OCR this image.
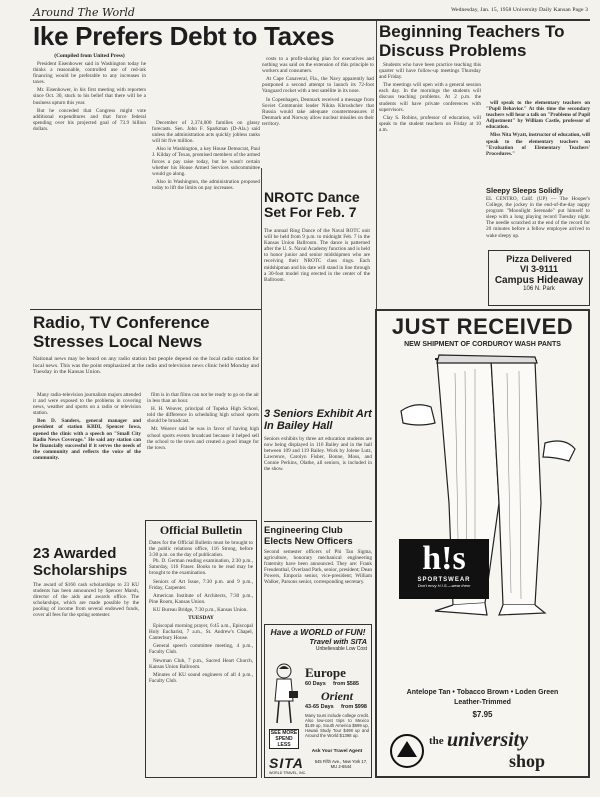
Around The World	Wednesday, Jan. 15, 1958 University Daily Kansan Page 3
Ike Prefers Debt to Taxes
(Compiled from United Press)

President Eisenhower said in Washington today he thinks a reasonable, controlled use of red-ink financing would be preferable to any increases in taxes.

Mr. Eisenhower, in his first meeting with reporters since Oct. 30, stuck to his belief that there will be a business upturn this year.

But he conceded that Congress might vote additional expenditures and that force federal spending over his projected goal of 73.9 billion dollars.

December of 2,374,000 families on glassy forecasts. Sen. John F. Sparkman (D-Ala.) said unless the administration acts quickly jobless ranks will hit five million.

Also in Washington, a key House Democrat, Paul J. Kilday of Texas, promised members of the armed forces a pay raise today, but he wasn't certain whether his House Armed Services subcommittee would go along.

Also in Washington, the administration proposed today to lift the limits on pay increases.

costs to a profit-sharing plan for executives and nothing was said on the extension of this principle to workers and consumers.

At Cape Canaveral, Fla., the Navy apparently had postponed a second attempt to launch its 72-foot Vanguard rocket with a test satellite in its nose.

In Copenhagen, Denmark received a message from Soviet Communist leader Nikita Khrushchev that Russia would take adequate countermeasures if Denmark and Norway allow nuclear missiles on their territory.

Beginning Teachers To Discuss Problems

Students who have been practice teaching this quarter will have follow-up meetings Thursday and Friday.

The meetings will open with a general session each day. In the mornings the students will discuss teaching problems. At 2 p.m. the students will have private conferences with supervisors.

Clay S. Robins, professor of education, will speak to the student teachers on Friday at 10 a.m.

will speak to the elementary teachers on "Pupil Behavior." At this time the secondary teachers will hear a talk on "Problems of Pupil Adjustment" by William Castle, professor of education.

Miss Nita Wyatt, instructor of education, will speak to the elementary teachers on "Evaluation of Elementary Teachers' Procedures."

Sleepy Sleeps Solidly
EL CENTRO, Calif. (UP) — The Hooper's College, the jockey in the end-of-the-day nappy program "Moonlight Serenade" put himself to sleep with a long playing record Tuesday night. The needle scratched at the end of the record for 20 minutes before a fellow employee arrived to wake sleepy up.
Pizza Delivered
VI 3-9111
Campus Hideaway
106 N. Park
NROTC Dance Set For Feb. 7
The annual Ring Dance of the Naval ROTC unit will be held from 9 p.m. to midnight Feb. 7 in the Kansas Union Ballroom. The dance is patterned after the U. S. Naval Academy function and is held to honor junior and senior midshipmen who are receiving their NROTC class rings. Each midshipman and his date will stand in line through a 30-foot model ring erected in the center of the Ballroom.
Radio, TV Conference Stresses Local News
National news may be heard on any radio station but people depend on the local radio station for local news. This was the point emphasized at the radio and television news clinic held Monday and Tuesday in the Kansas Union.

Many radio-television journalism majors attended it and were exposed to the problems in covering news, weather and sports on a radio or television station.

Ben D. Sanders, general manager and president of station KBDI, Spencer Iowa, opened the clinic with a speech on "Small City Radio News Coverage." He said any station can be financially successful if it serves the needs of the community and reflects the voice of the community.

film is in that films can not be ready to go on the air in less than an hour.

H. H. Weaver, principal of Topeka High School, told the difference in scheduling high school sports should be broadcast.

Mr. Weaver said he was in favor of having high school sports events broadcast because it helped sell the school to the town and created a good image for the town.

23 Awarded Scholarships
The award of $160 cash scholarships to 23 KU students has been announced by Spencer Marsh, director of the aids and awards office. The scholarships, which are made possible by the pooling of income from several endowed funds, cover all fees for the spring semester.
Official Bulletin
Dates for the Official Bulletin must be brought to the public relations office, 116 Strong, before 3:30 p.m. on the day of publication.

Ph. D. German reading examination, 2:30 p.m., Saturday, 116 Fraser. Books to be read may be brought to the examination.

Seniors of Art Issue, 7:30 p.m. and 9 p.m., Friday, Carpenter.

American Institute of Architects, 7:30 p.m., Pine Room, Kansas Union.

KU Bureau Bridge, 7:30 p.m., Kansas Union.

TUESDAY

Episcopal morning prayer, 6:45 a.m., Episcopal Holy Eucharist, 7 a.m., St. Andrew's Chapel, Canterbury House.

General speech committee meeting, 4 p.m., Faculty Club.

Newman Club, 7 p.m., Sacred Heart Church, Kansas Union Ballroom.

Minutes of KU sound engineers of all 4 p.m., Faculty Club.

3 Seniors Exhibit Art In Bailey Hall
Seniors exhibits by three art education students are now being displayed in 116 Bailey and in the hall between 109 and 119 Bailey. Work by Jolene Lutz, Lawrence, Carolyn Fisher, Bonne, Moss, and Connie Perkins, Olathe, all seniors, is included in the show.
Engineering Club Elects New Officers
Second semester officers of Phi Tau Sigma, agriculture, honorary mechanical engineering fraternity have been announced. They are: Frank Freudenthal, Overland Park, senior, president; Dean Powers, Emporia senior, vice-president; William Walker, Parsons senior, corresponding secretary.
Have a WORLD of FUN!
Travel with SITA
Unbelievable Low Cost
Europe
60 Days from $585
Orient
43-65 Days from $998
SEE MORE SPEND LESS
Many tours include college credit. Also low-cost trips to Mexico $149 up, South America $699 up, Hawaii Study Tour $498 up and Around the World $1398 up.
Ask Your Travel Agent
SITA
WORLD TRAVEL, INC.
545 Fifth Ave., New York 17, MU 2-6544
JUST RECEIVED
NEW SHIPMENT OF CORDUROY WASH PANTS
h!s
SPORTSWEAR
Don't envy H.I.S.—wear them
Antelope Tan • Tobacco Brown • Loden Green
Leather-Trimmed
$7.95
the university
shop
